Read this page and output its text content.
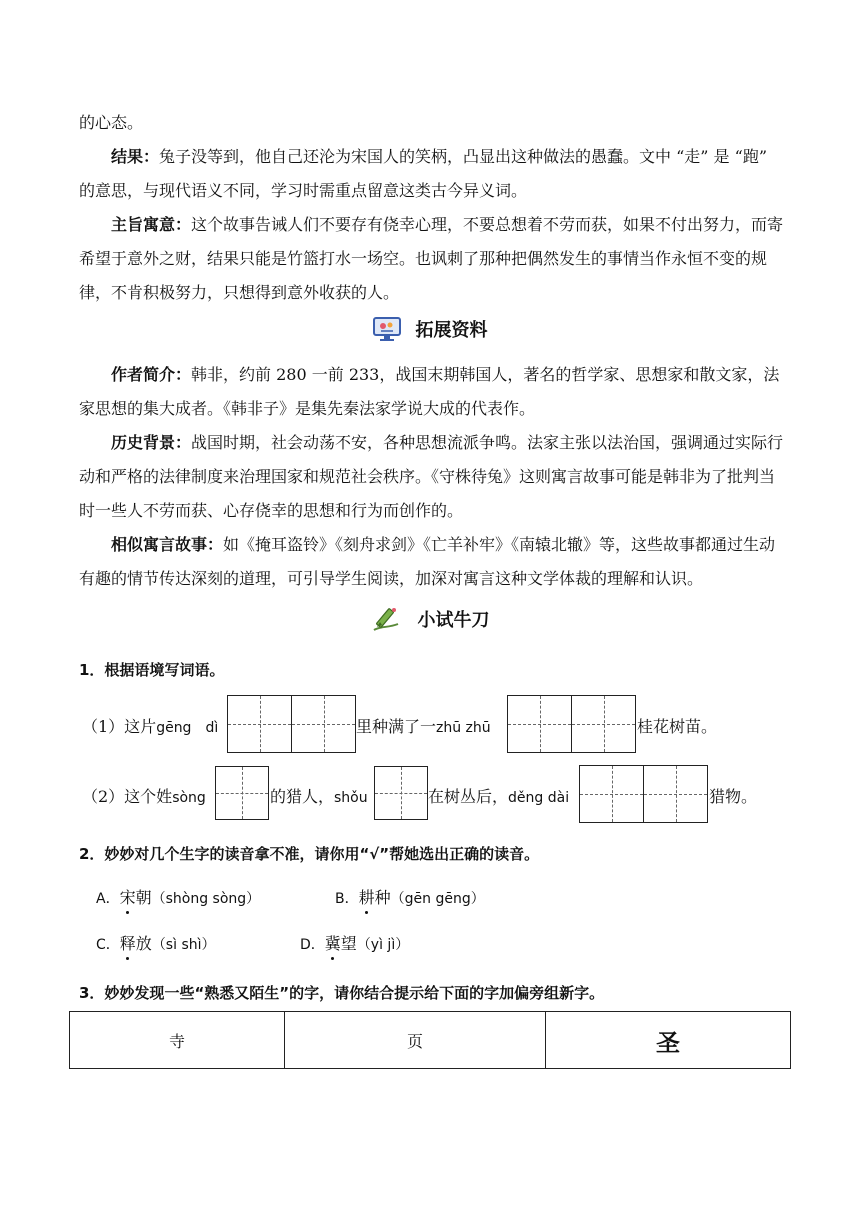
的心态。

结果：兔子没等到，他自己还沦为宋国人的笑柄，凸显出这种做法的愚蠢。文中 “走” 是 “跑” 的意思，与现代语义不同，学习时需重点留意这类古今异义词。

主旨寓意：这个故事告诫人们不要存有侥幸心理，不要总想着不劳而获，如果不付出努力，而寄希望于意外之财，结果只能是竹篮打水一场空。也讽刺了那种把偶然发生的事情当作永恒不变的规律，不肯积极努力，只想得到意外收获的人。

拓展资料

作者简介：韩非，约前 280 一前 233，战国末期韩国人，著名的哲学家、思想家和散文家，法家思想的集大成者。《韩非子》是集先秦法家学说大成的代表作。

历史背景：战国时期，社会动荡不安，各种思想流派争鸣。法家主张以法治国，强调通过实际行动和严格的法律制度来治理国家和规范社会秩序。《守株待兔》这则寓言故事可能是韩非为了批判当时一些人不劳而获、心存侥幸的思想和行为而创作的。

相似寓言故事：如《掩耳盗铃》《刻舟求剑》《亡羊补牢》《南辕北辙》等，这些故事都通过生动有趣的情节传达深刻的道理，可引导学生阅读，加深对寓言这种文学体裁的理解和认识。

小试牛刀
1．根据语境写词语。
（1）这片gēng　dì	里种满了一zhū zhū	桂花树苗。
（2）这个姓sòng	的猎人，shǒu	在树丛后，děng dài	猎物。
2．妙妙对几个生字的读音拿不准，请你用“√”帮她选出正确的读音。
A．宋朝（shòng sòng）	B．耕种（gēn gēng）
C．释放（sì shì）	D．冀望（yì jì）
3．妙妙发现一些“熟悉又陌生”的字，请你结合提示给下面的字加偏旁组新字。
寺	页	圣
